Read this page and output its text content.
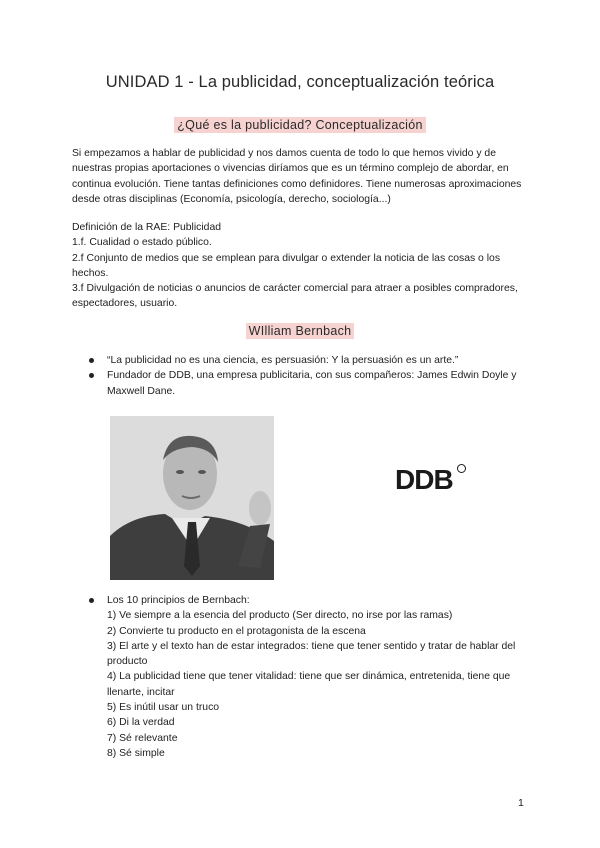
UNIDAD 1 - La publicidad, conceptualización teórica
¿Qué es la publicidad? Conceptualización

Si empezamos a hablar de publicidad y nos damos cuenta de todo lo que hemos vivido y de nuestras propias aportaciones o vivencias diríamos que es un término complejo de abordar, en continua evolución. Tiene tantas definiciones como definidores. Tiene numerosas aproximaciones desde otras disciplinas (Economía, psicología, derecho, sociología...)

Definición de la RAE: Publicidad

1.f. Cualidad o estado público.

2.f Conjunto de medios que se emplean para divulgar o extender la noticia de las cosas o los hechos.

3.f Divulgación de noticias o anuncios de carácter comercial para atraer a posibles compradores, espectadores, usuario.

WIlliam Bernbach
“La publicidad no es una ciencia, es persuasión: Y la persuasión es un arte.”
Fundador de DDB, una empresa publicitaria, con sus compañeros: James Edwin Doyle y Maxwell Dane.
DDB
Los 10 principios de Bernbach:
1) Ve siempre a la esencia del producto (Ser directo, no irse por las ramas)
2) Convierte tu producto en el protagonista de la escena
3) El arte y el texto han de estar integrados: tiene que tener sentido y tratar de hablar del producto
4) La publicidad tiene que tener vitalidad: tiene que ser dinámica, entretenida, tiene que llenarte, incitar
5) Es inútil usar un truco
6) Di la verdad
7) Sé relevante
8) Sé simple
1
